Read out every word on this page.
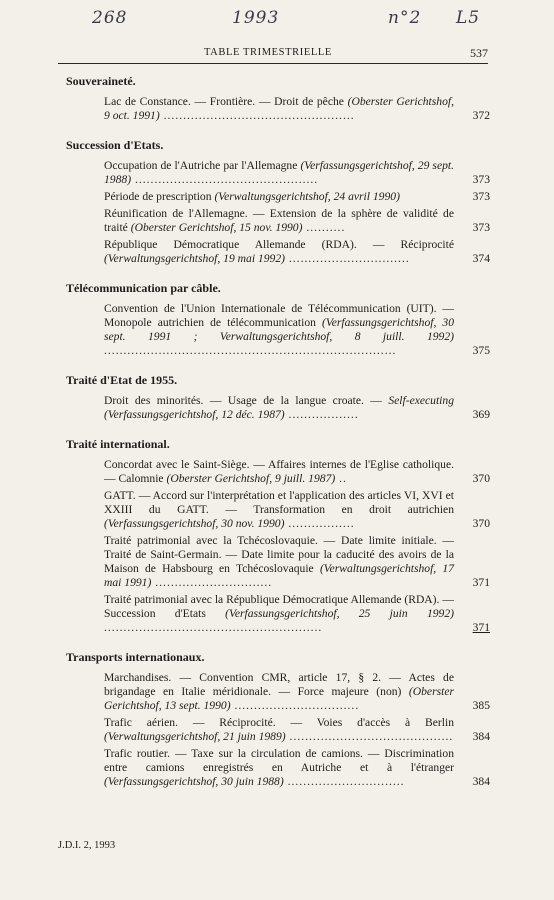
268	1993	n°2 L5
TABLE TRIMESTRIELLE	537
Souveraineté.
Lac de Constance. — Frontière. — Droit de pêche (Oberster Gerichtshof, 9 oct. 1991) .................................................	372
Succession d'Etats.
Occupation de l'Autriche par l'Allemagne (Verfassungsgerichtshof, 29 sept. 1988) ...............................................	373
Période de prescription (Verwaltungsgerichtshof, 24 avril 1990)	373
Réunification de l'Allemagne. — Extension de la sphère de validité de traité (Oberster Gerichtshof, 15 nov. 1990) ..........	373
République Démocratique Allemande (RDA). — Réciprocité (Verwaltungsgerichtshof, 19 mai 1992) ...............................	374
Télécommunication par câble.
Convention de l'Union Internationale de Télécommunication (UIT). — Monopole autrichien de télécommunication (Verfassungsgerichtshof, 30 sept. 1991 ; Verwaltungsgerichtshof, 8 juill. 1992) ...........................................................................	375
Traité d'Etat de 1955.
Droit des minorités. — Usage de la langue croate. — Self-executing (Verfassungsgerichtshof, 12 déc. 1987) ..................	369
Traité international.
Concordat avec le Saint-Siège. — Affaires internes de l'Eglise catholique. — Calomnie (Oberster Gerichtshof, 9 juill. 1987) ..	370
GATT. — Accord sur l'interprétation et l'application des articles VI, XVI et XXIII du GATT. — Transformation en droit autrichien (Verfassungsgerichtshof, 30 nov. 1990) .................	370
Traité patrimonial avec la Tchécoslovaquie. — Date limite initiale. — Traité de Saint-Germain. — Date limite pour la caducité des avoirs de la Maison de Habsbourg en Tchécoslovaquie (Verwaltungsgerichtshof, 17 mai 1991) ..............................	371
Traité patrimonial avec la République Démocratique Allemande (RDA). — Succession d'Etats (Verfassungsgerichtshof, 25 juin 1992) ........................................................	371
Transports internationaux.
Marchandises. — Convention CMR, article 17, § 2. — Actes de brigandage en Italie méridionale. — Force majeure (non) (Oberster Gerichtshof, 13 sept. 1990) ................................	385
Trafic aérien. — Réciprocité. — Voies d'accès à Berlin (Verwaltungsgerichtshof, 21 juin 1989) .......................................... 384
Trafic routier. — Taxe sur la circulation de camions. — Discrimination entre camions enregistrés en Autriche et à l'étranger (Verfassungsgerichtshof, 30 juin 1988) ..............................	384
J.D.I. 2, 1993
